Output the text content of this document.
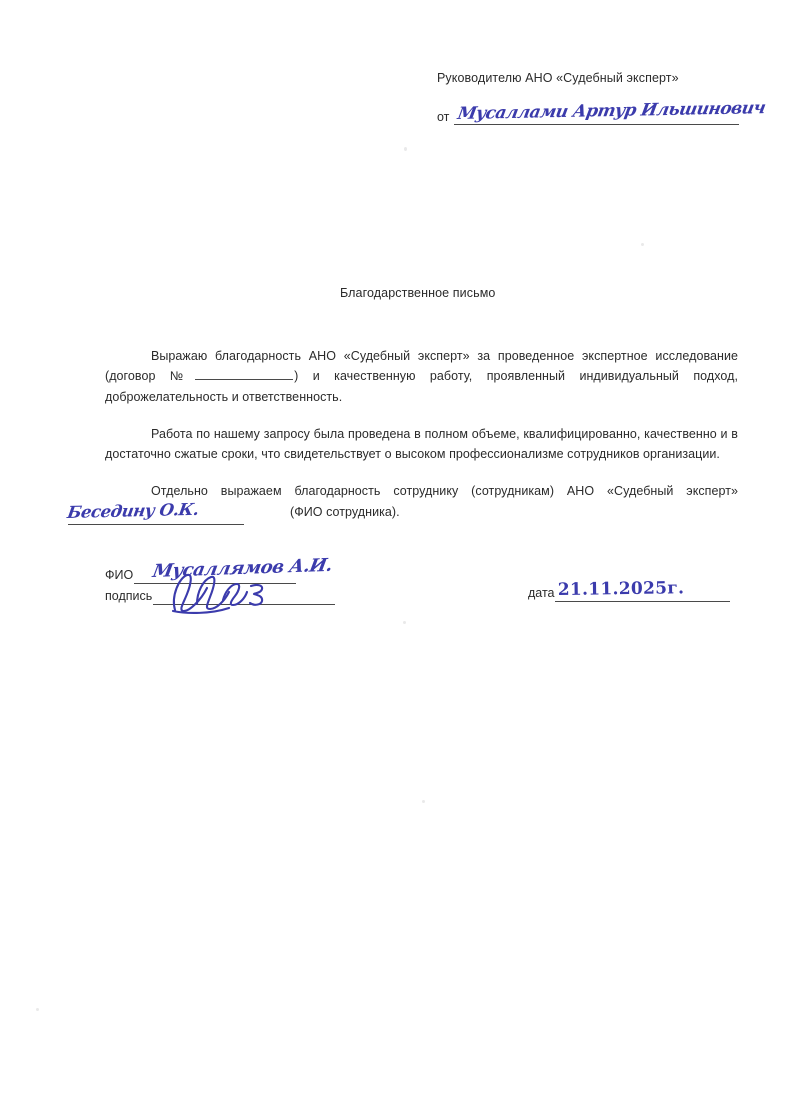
Руководителю АНО «Судебный эксперт»
от Мусаллами Артур Ильшинович
Благодарственное письмо

Выражаю благодарность АНО «Судебный эксперт» за проведенное экспертное исследование (договор №	) и качественную работу, проявленный индивидуальный подход, доброжелательность и ответственность.

Работа по нашему запросу была проведена в полном объеме, квалифицированно, качественно и в достаточно сжатые сроки, что свидетельствует о высоком профессионализме сотрудников организации.

Отдельно выражаем благодарность сотруднику (сотрудникам) АНО «Судебный эксперт»(ФИО сотрудника).

Беседину О.К.
ФИО Мусаллямов А.И.
подпись	дата 21.11.2025г.
